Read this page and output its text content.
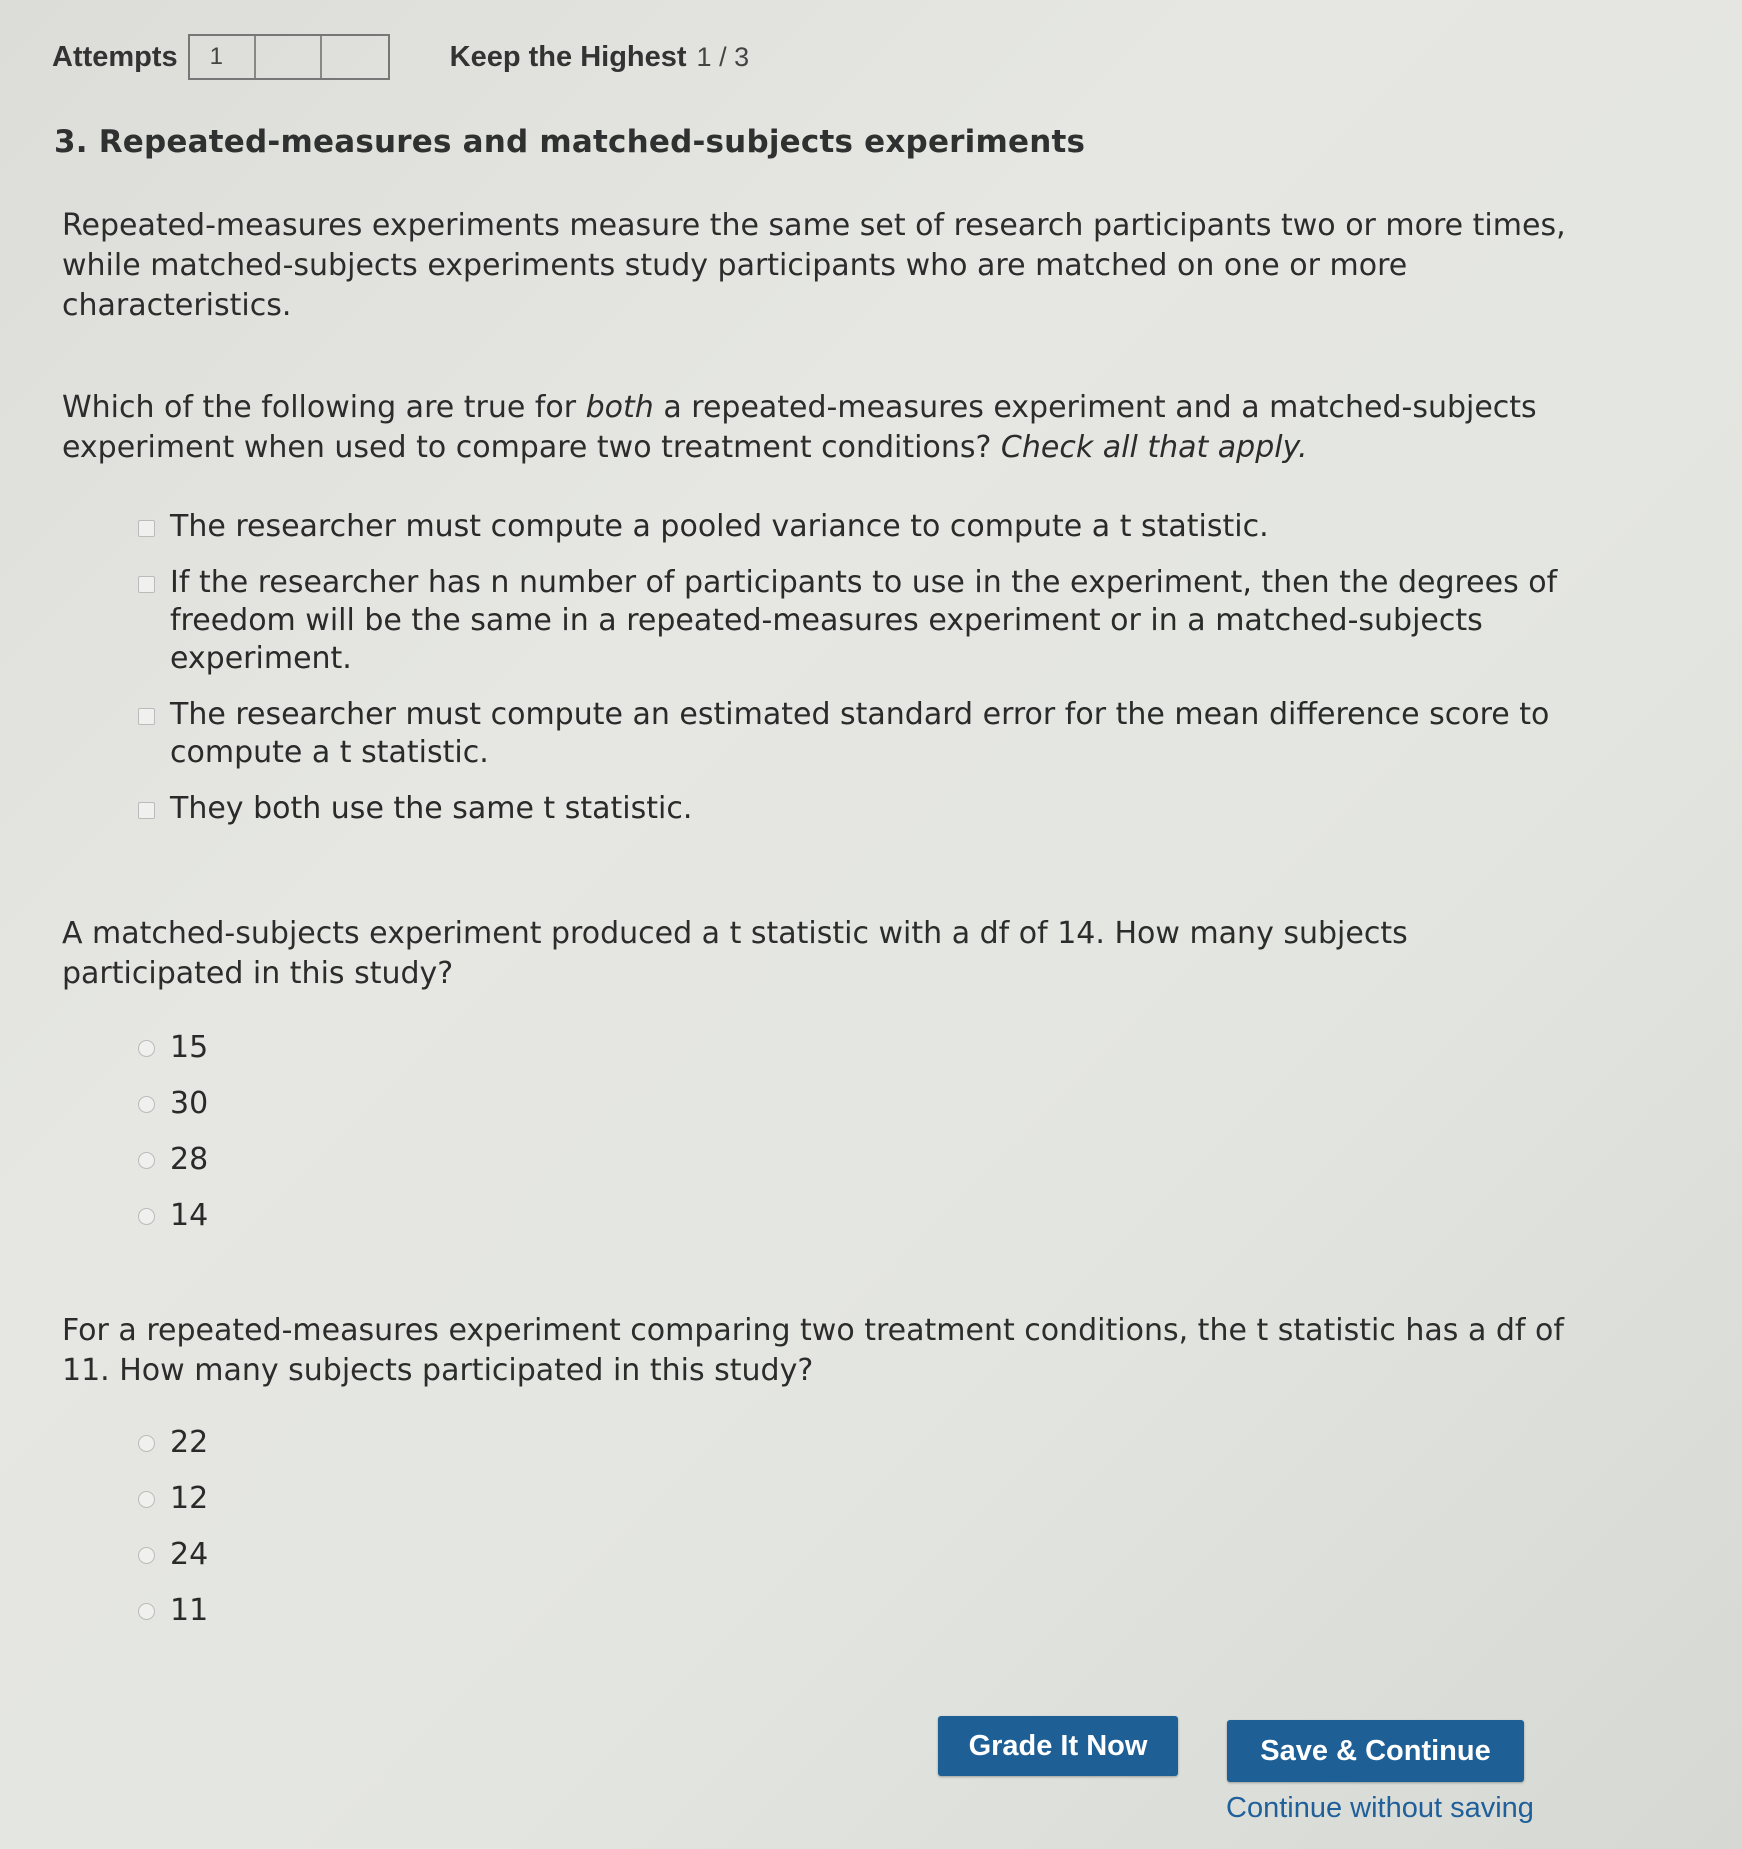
Attempts	1	Keep the Highest 1 / 3
3. Repeated-measures and matched-subjects experiments
Repeated-measures experiments measure the same set of research participants two or more times, while matched-subjects experiments study participants who are matched on one or more characteristics.
Which of the following are true for both a repeated-measures experiment and a matched-subjects experiment when used to compare two treatment conditions? Check all that apply.
The researcher must compute a pooled variance to compute a t statistic.
If the researcher has n number of participants to use in the experiment, then the degrees of freedom will be the same in a repeated-measures experiment or in a matched-subjects experiment.
The researcher must compute an estimated standard error for the mean difference score to compute a t statistic.
They both use the same t statistic.
A matched-subjects experiment produced a t statistic with a df of 14. How many subjects participated in this study?
15
30
28
14
For a repeated-measures experiment comparing two treatment conditions, the t statistic has a df of 11. How many subjects participated in this study?
22
12
24
11
Grade It Now	Save & Continue
Continue without saving
